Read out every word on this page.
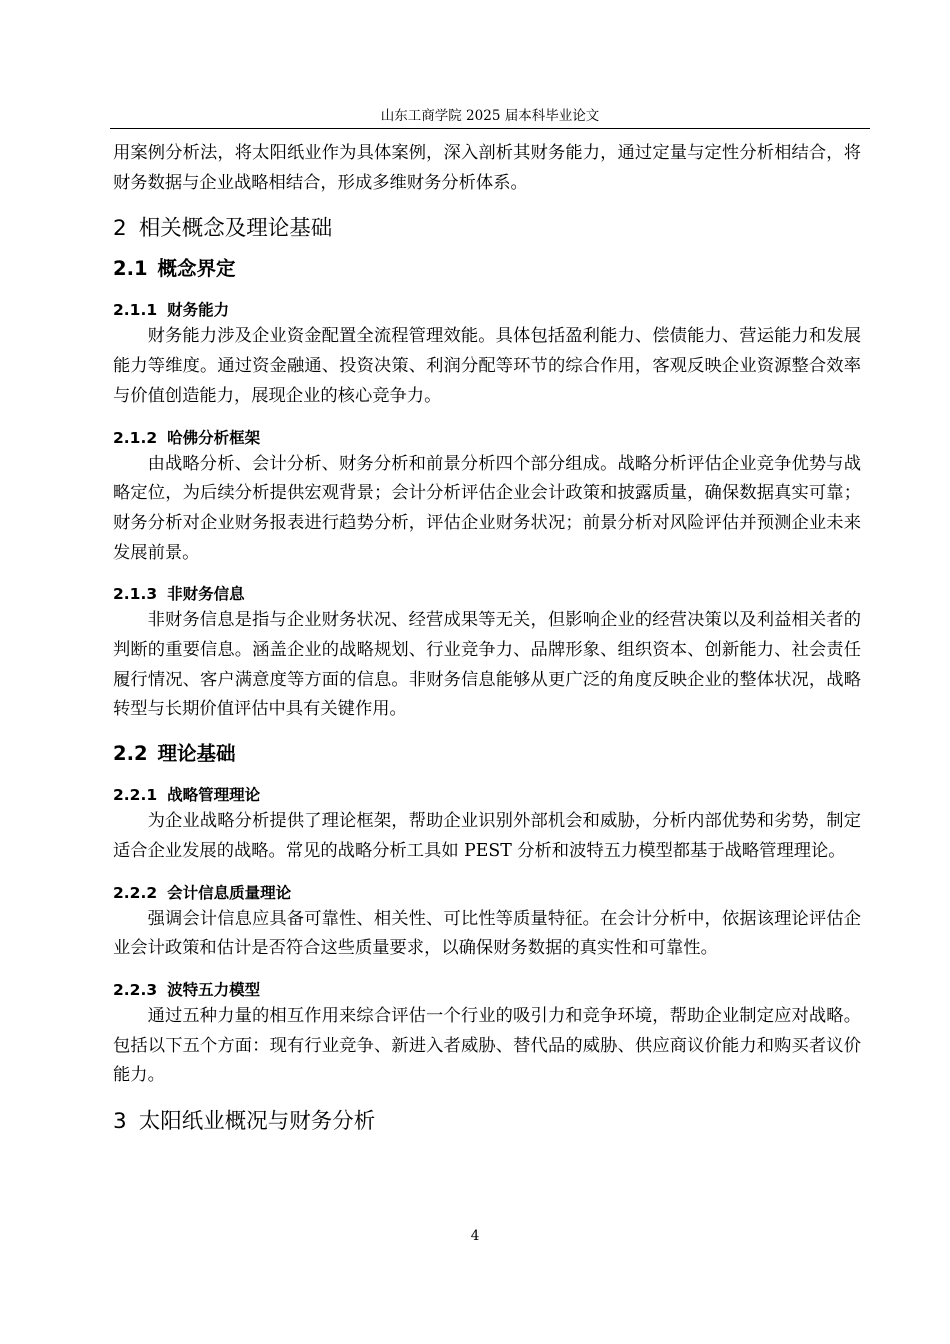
山东工商学院 2025 届本科毕业论文

用案例分析法，将太阳纸业作为具体案例，深入剖析其财务能力，通过定量与定性分析相结合，将财务数据与企业战略相结合，形成多维财务分析体系。

2 相关概念及理论基础
2.1 概念界定
2.1.1 财务能力

财务能力涉及企业资金配置全流程管理效能。具体包括盈利能力、偿债能力、营运能力和发展能力等维度。通过资金融通、投资决策、利润分配等环节的综合作用，客观反映企业资源整合效率与价值创造能力，展现企业的核心竞争力。

2.1.2 哈佛分析框架

由战略分析、会计分析、财务分析和前景分析四个部分组成。战略分析评估企业竞争优势与战略定位，为后续分析提供宏观背景；会计分析评估企业会计政策和披露质量，确保数据真实可靠；财务分析对企业财务报表进行趋势分析，评估企业财务状况；前景分析对风险评估并预测企业未来发展前景。

2.1.3 非财务信息

非财务信息是指与企业财务状况、经营成果等无关，但影响企业的经营决策以及利益相关者的判断的重要信息。涵盖企业的战略规划、行业竞争力、品牌形象、组织资本、创新能力、社会责任履行情况、客户满意度等方面的信息。非财务信息能够从更广泛的角度反映企业的整体状况，战略转型与长期价值评估中具有关键作用。

2.2 理论基础
2.2.1 战略管理理论

为企业战略分析提供了理论框架，帮助企业识别外部机会和威胁，分析内部优势和劣势，制定适合企业发展的战略。常见的战略分析工具如 PEST 分析和波特五力模型都基于战略管理理论。

2.2.2 会计信息质量理论

强调会计信息应具备可靠性、相关性、可比性等质量特征。在会计分析中，依据该理论评估企业会计政策和估计是否符合这些质量要求，以确保财务数据的真实性和可靠性。

2.2.3 波特五力模型

通过五种力量的相互作用来综合评估一个行业的吸引力和竞争环境，帮助企业制定应对战略。包括以下五个方面：现有行业竞争、新进入者威胁、替代品的威胁、供应商议价能力和购买者议价能力。

3 太阳纸业概况与财务分析
4
